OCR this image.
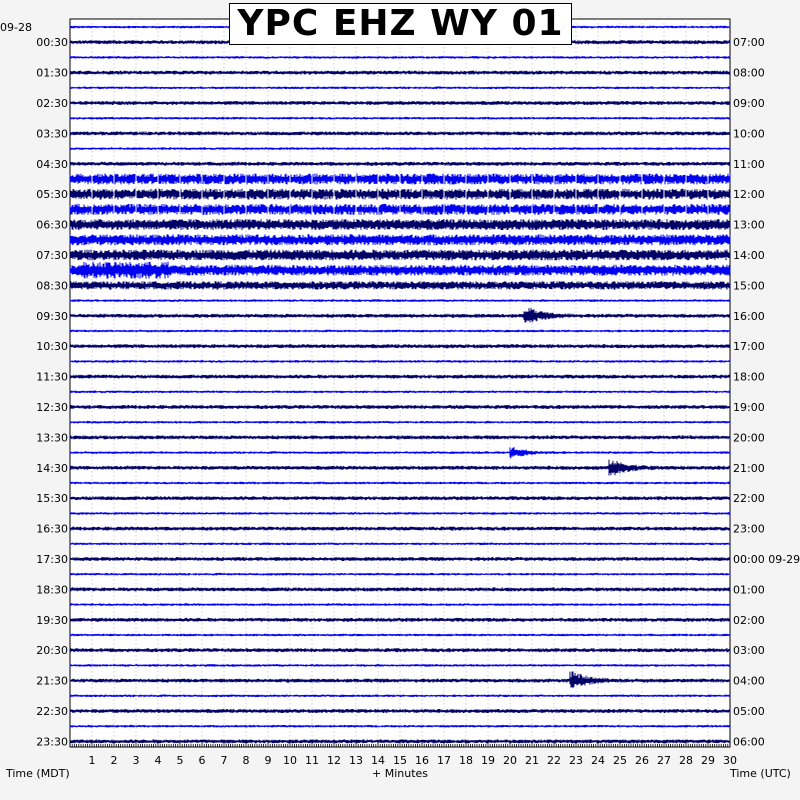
1 2 3 4 5 6 7 8 9 10 11 12 13 14 15 16 17 18 19 20 21 22 23 24 25 26 27 28 29 30
00:30
01:30
02:30
03:30
04:30
05:30
06:30
07:30
08:30
09:30
10:30
11:30
12:30
13:30
14:30
15:30
16:30
17:30
18:30
19:30
20:30
21:30
22:30
23:30
07:00
08:00
09:00
10:00
11:00
12:00
13:00
14:00
15:00
16:00
17:00
18:00
19:00
20:00
21:00
22:00
23:00
00:00 09-29
01:00
02:00
03:00
04:00
05:00
06:00
YPC EHZ WY 01
09-28
Time (MDT)	+ Minutes	Time (UTC)
